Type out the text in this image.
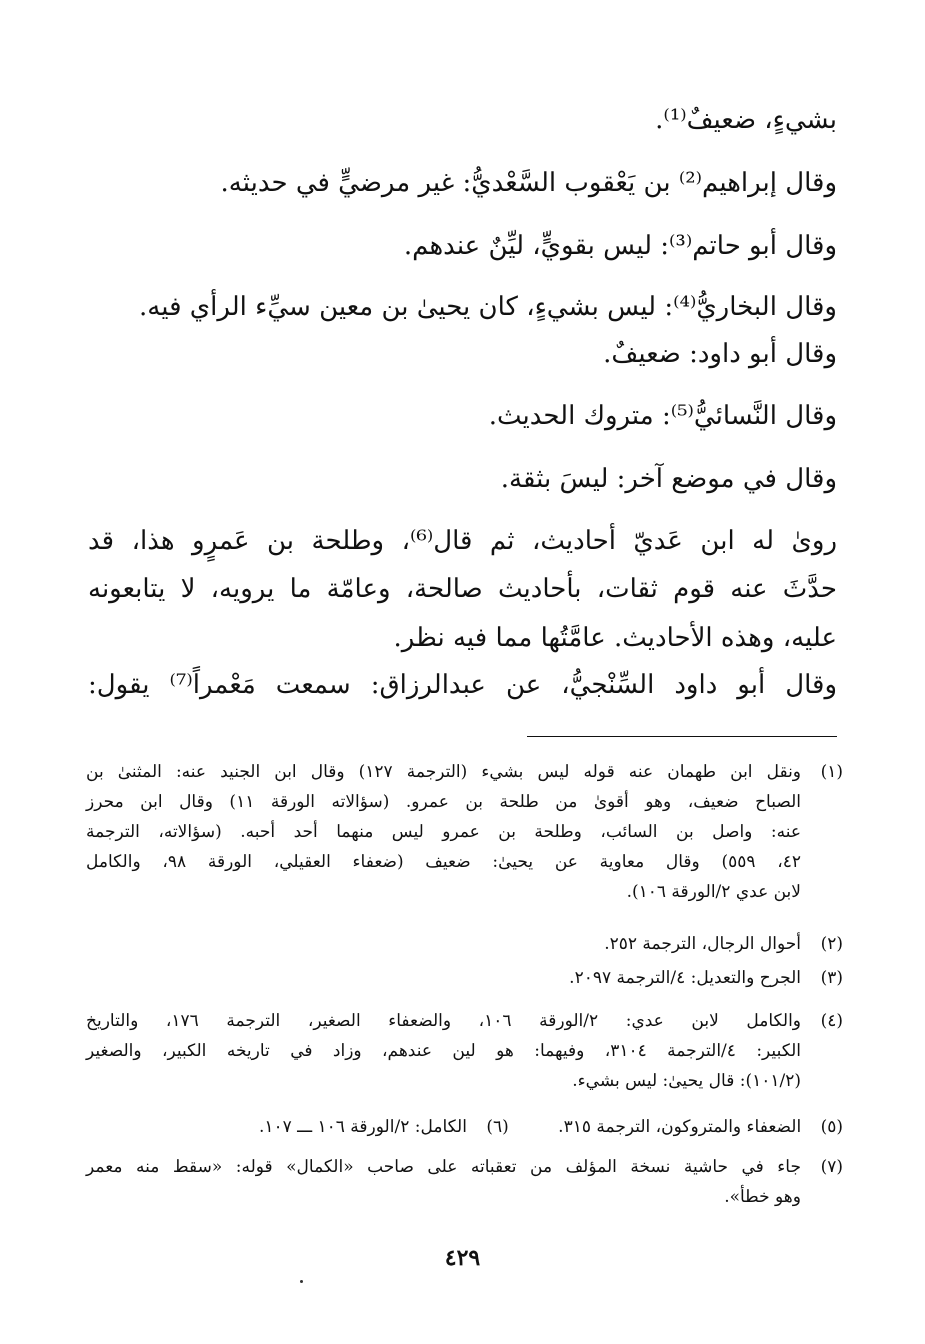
بشيءٍ، ضعيفٌ⁽¹⁾.
وقال إبراهيم⁽²⁾ بن يَعْقوب السَّعْديُّ: غير مرضيٍّ في حديثه.
وقال أبو حاتم⁽³⁾: ليس بقويٍّ، ليِّنٌ عندهم.
وقال البخاريُّ⁽⁴⁾: ليس بشيءٍ، كان يحيىٰ بن معين سيِّء الرأي فيه.
وقال أبو داود: ضعيفٌ.
وقال النَّسائيُّ⁽⁵⁾: متروك الحديث.
وقال في موضع آخر: ليسَ بثقة.
رویٰ له ابن عَديّ أحاديث، ثم قال⁽⁶⁾، وطلحة بن عَمرٍو هذا، قد
حدَّثَ عنه قوم ثقات، بأحاديث صالحة، وعامّة ما يرويه، لا يتابعونه
عليه، وهذه الأحاديث. عامَّتُها مما فيه نظر.
وقال أبو داود السِّنْجيُّ، عن عبدالرزاق: سمعت مَعْمراً⁽⁷⁾ يقول:
(١)
ونقل ابن طهمان عنه قوله ليس بشيء (الترجمة ١٢٧) وقال ابن الجنيد عنه: المثنىٰ بن
الصباح ضعيف، وهو أقوىٰ من طلحة بن عمرو. (سؤالاته الورقة ١١) وقال ابن محرز
عنه: واصل بن السائب، وطلحة بن عمرو ليس منهما أحد أحبه. (سؤالاته، الترجمة
٤٢، ٥٥٩) وقال معاوية عن يحيىٰ: ضعيف (ضعفاء العقيلي، الورقة ٩٨، والكامل
لابن عدي ٢/الورقة ١٠٦).
(٢)
أحوال الرجال، الترجمة ٢٥٢.
(٣)
الجرح والتعديل: ٤/الترجمة ٢٠٩٧.
(٤)
والكامل لابن عدي: ٢/الورقة ١٠٦، والضعفاء الصغير، الترجمة ١٧٦، والتاريخ
الكبير: ٤/الترجمة ٣١٠٤، وفيهما: هو لين عندهم، وزاد في تاريخه الكبير، والصغير
(١٠١/٢): قال يحيىٰ: ليس بشيء.
(٥) الضعفاء والمتروكون، الترجمة ٣١٥. (٦) الكامل: ٢/الورقة ١٠٦ ـــ ١٠٧.
(٧)
جاء في حاشية نسخة المؤلف من تعقباته على صاحب «الكمال» قوله: «سقط منه معمر
وهو خطأ».
٤٢٩
